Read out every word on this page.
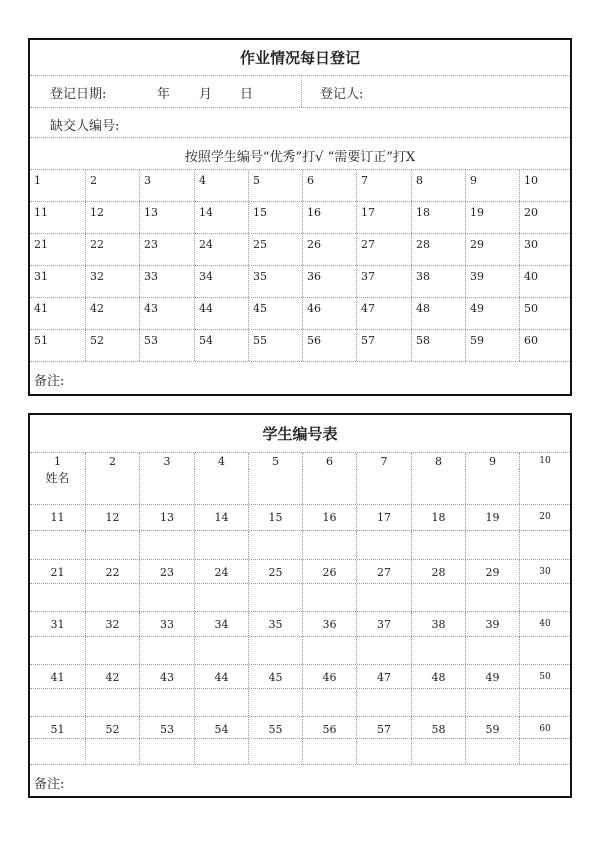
作业情况每日登记
登记日期:	年 月 日	登记人:
缺交人编号:
按照学生编号“优秀”打√ “需要订正”打X
1	2	3	4	5	6	7	8	9	10
11	12	13	14	15	16	17	18	19	20
21	22	23	24	25	26	27	28	29	30
31	32	33	34	35	36	37	38	39	40
41	42	43	44	45	46	47	48	49	50
51	52	53	54	55	56	57	58	59	60
备注:
学生编号表
1	2	3	4	5	6	7	8	9	10
姓名
11	12	13	14	15	16	17	18	19	20
21	22	23	24	25	26	27	28	29	30
31	32	33	34	35	36	37	38	39	40
41	42	43	44	45	46	47	48	49	50
51	52	53	54	55	56	57	58	59	60
备注:
